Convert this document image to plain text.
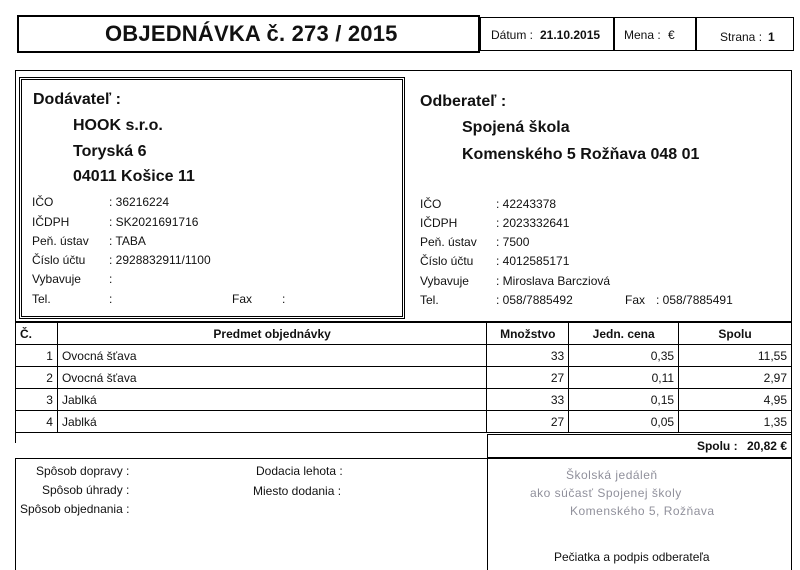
OBJEDNÁVKA č. 273 / 2015	Dátum : 21.10.2015 Mena : €	Strana : 1
Dodávateľ :
HOOK s.r.o.
Toryská 6
04011 Košice 11
IČO	: 36216224
IČDPH	: SK2021691716
Peň. ústav : TABA
Číslo účtu : 2928832911/1100
Vybavuje :
Tel.	:	Fax :
Odberateľ :
Spojená škola
Komenského 5 Rožňava 048 01
IČO	: 42243378
IČDPH	: 2023332641
Peň. ústav : 7500
Číslo účtu : 4012585171
Vybavuje : Miroslava Barcziová
Tel.	: 058/7885492	Fax : 058/7885491
Č.	Predmet objednávky	Množstvo	Jedn. cena	Spolu
1	Ovocná šťava	33	0,35	11,55
2	Ovocná šťava	27	0,11	2,97
3	Jablká	33	0,15	4,95
4	Jablká	27	0,05	1,35

Spolu : 20,82 €
Spôsob dopravy :
Spôsob úhrady :
Spôsob objednania :
Dodacia lehota :
Miesto dodania :
Školská jedáleň
ako súčasť Spojenej školy
Komenského 5, Rožňava
Pečiatka a podpis odberateľa
